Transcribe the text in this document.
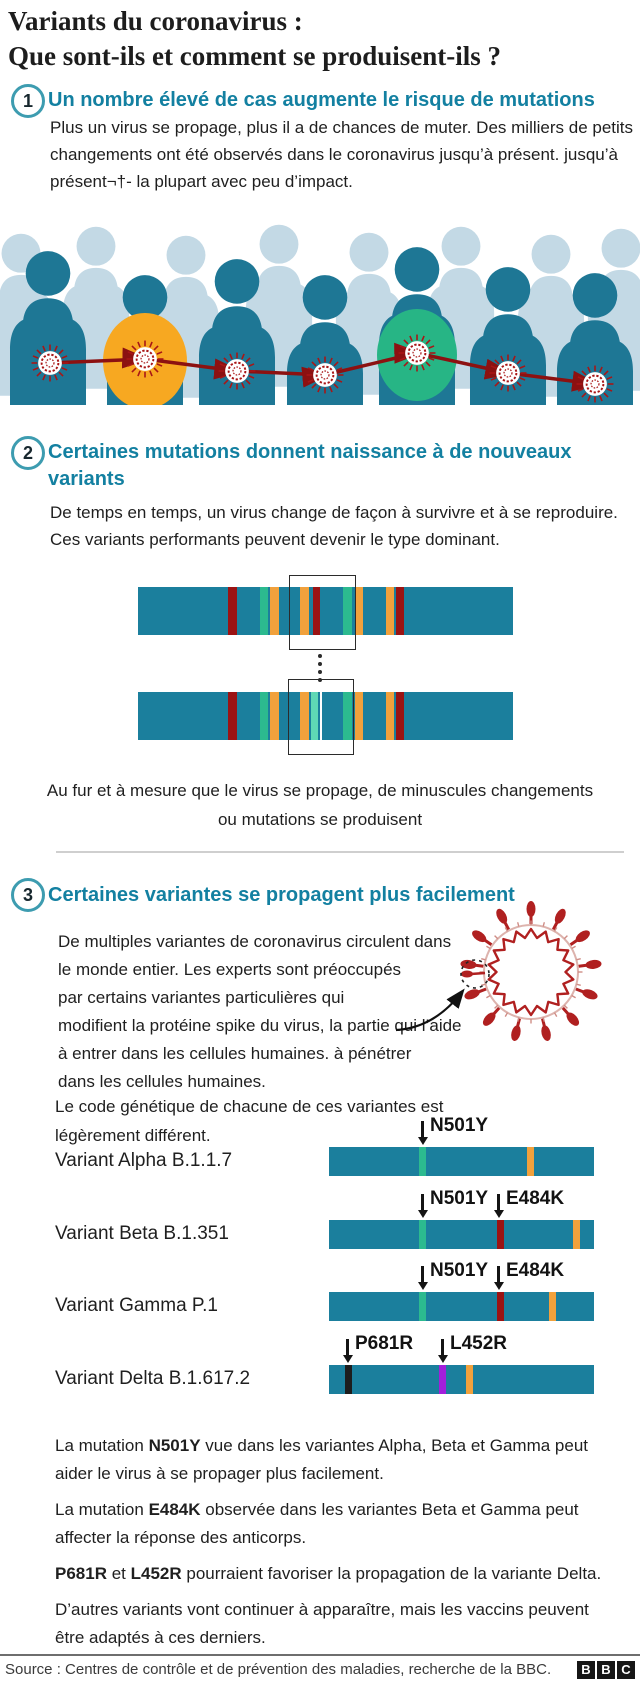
Variants du coronavirus :
Que sont-ils et comment se produisent-ils ?
1 Un nombre élevé de cas augmente le risque de mutations
Plus un virus se propage, plus il a de chances de muter. Des milliers de petits
changements ont été observés dans le coronavirus jusqu’à présent. jusqu’à
présent¬†- la plupart avec peu d’impact.
2 Certaines mutations donnent naissance à de nouveaux
variants
De temps en temps, un virus change de façon à survivre et à se reproduire.
Ces variants performants peuvent devenir le type dominant.
Au fur et à mesure que le virus se propage, de minuscules changements
ou mutations se produisent
3 Certaines variantes se propagent plus facilement
De multiples variantes de coronavirus circulent dans
le monde entier. Les experts sont préoccupés
par certains variantes particulières qui
modifient la protéine spike du virus, la partie qui l’aide
à entrer dans les cellules humaines. à pénétrer
dans les cellules humaines.
Le code génétique de chacune de ces variantes est
légèrement différent.
Variant Alpha B.1.1.7
N501Y
Variant Beta B.1.351
N501Y E484K
Variant Gamma P.1
N501Y E484K
Variant Delta B.1.617.2
P681R L452R
La mutation N501Y vue dans les variantes Alpha, Beta et Gamma peut aider le virus à se propager plus facilement.
La mutation E484K observée dans les variantes Beta et Gamma peut affecter la réponse des anticorps.
P681R et L452R pourraient favoriser la propagation de la variante Delta.
D’autres variants vont continuer à apparaître, mais les vaccins peuvent être adaptés à ces derniers.
Source : Centres de contrôle et de prévention des maladies, recherche de la BBC.	B B C
